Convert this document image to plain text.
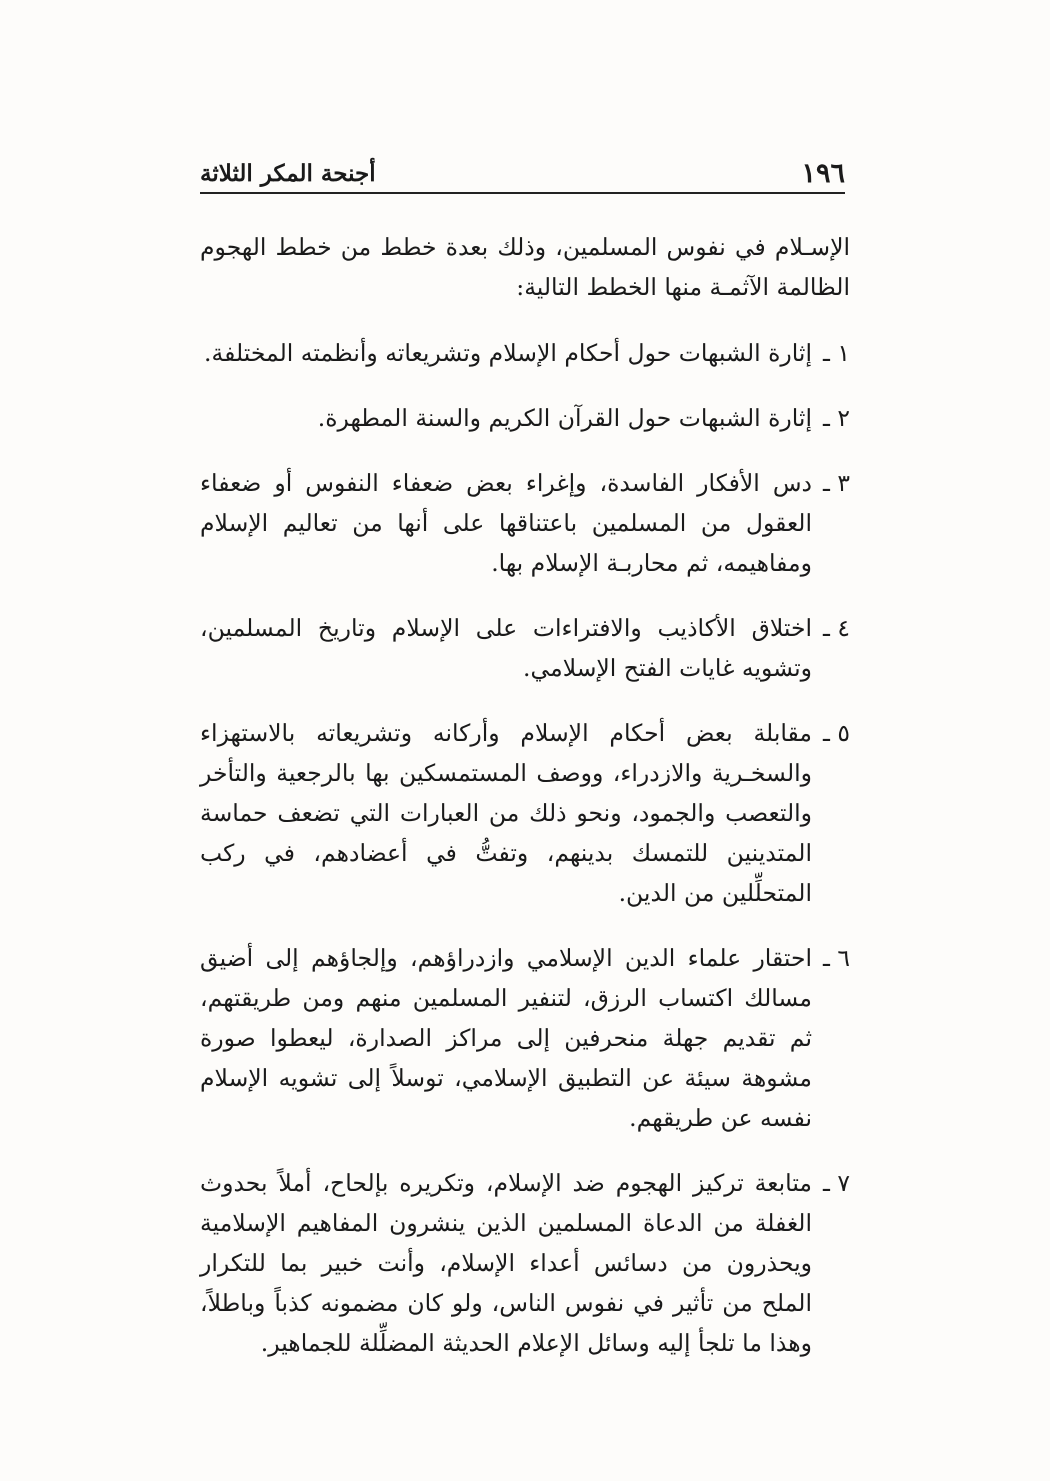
١٩٦
أجنحة المكر الثلاثة

الإسـلام في نفوس المسلمين، وذلك بعدة خطط من خطط الهجوم الظالمة الآثمـة منها الخطط التالية:

١ ـ
إثارة الشبهات حول أحكام الإسلام وتشريعاته وأنظمته المختلفة.
٢ ـ
إثارة الشبهات حول القرآن الكريم والسنة المطهرة.
٣ ـ
دس الأفكار الفاسدة، وإغراء بعض ضعفاء النفوس أو ضعفاء العقول من المسلمين باعتناقها على أنها من تعاليم الإسلام ومفاهيمه، ثم محاربـة الإسلام بها.
٤ ـ
اختلاق الأكاذيب والافتراءات على الإسلام وتاريخ المسلمين، وتشويه غايات الفتح الإسلامي.
٥ ـ
مقابلة بعض أحكام الإسلام وأركانه وتشريعاته بالاستهزاء والسخـرية والازدراء، ووصف المستمسكين بها بالرجعية والتأخر والتعصب والجمود، ونحو ذلك من العبارات التي تضعف حماسة المتدينين للتمسك بدينهم، وتفتُّ في أعضادهم، في ركب المتحلِّلين من الدين.
٦ ـ
احتقار علماء الدين الإسلامي وازدراؤهم، وإلجاؤهم إلى أضيق مسالك اكتساب الرزق، لتنفير المسلمين منهم ومن طريقتهم، ثم تقديم جهلة منحرفين إلى مراكز الصدارة، ليعطوا صورة مشوهة سيئة عن التطبيق الإسلامي، توسلاً إلى تشويه الإسلام نفسه عن طريقهم.
٧ ـ
متابعة تركيز الهجوم ضد الإسلام، وتكريره بإلحاح، أملاً بحدوث الغفلة من الدعاة المسلمين الذين ينشرون المفاهيم الإسلامية ويحذرون من دسائس أعداء الإسلام، وأنت خبير بما للتكرار الملح من تأثير في نفوس الناس، ولو كان مضمونه كذباً وباطلاً، وهذا ما تلجأ إليه وسائل الإعلام الحديثة المضلِّلة للجماهير.
